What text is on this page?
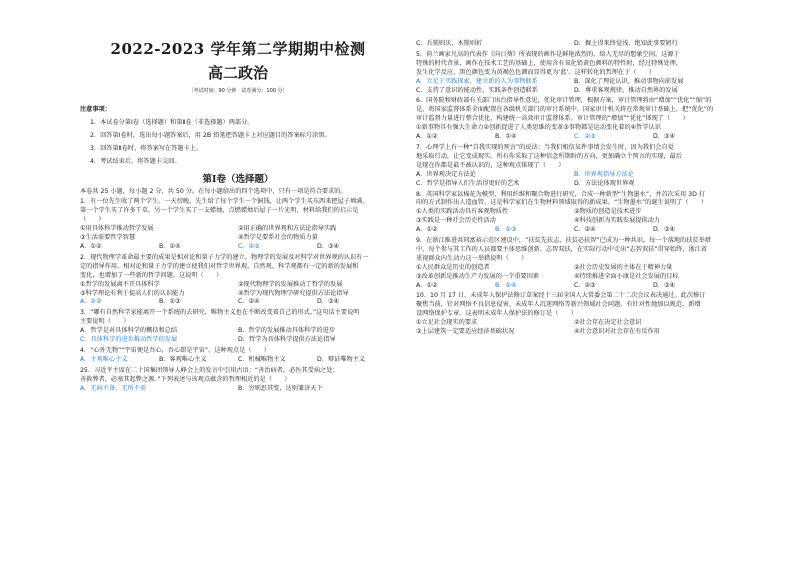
2022-2023 学年第二学期期中检测

高二政治

［考试时间：90 分钟　试卷满分：100 分］

注意事项：

1．本试卷分第Ⅰ卷（选择题）和第Ⅱ卷（非选择题）两部分。

2．回答第Ⅰ卷时，选出每小题答案后，用 2B 铅笔把答题卡上对应题目的答案标号涂黑。

3．回答第Ⅱ卷时，将答案写在答题卡上。

4．考试结束后，将答题卡交回。

第Ⅰ卷（选择题）

本卷共 25 小题，每小题 2 分，共 50 分。在每小题给出的四个选项中，只有一项是符合要求的。

1．有一位先生收了两个学生。一天傍晚，先生给了每个学生一个铜钱，让两个学生买东西来把屋子填满。

第一个学生买了许多干草，另一个学生买了一支蜡烛，点燃蜡烛后屋子一片光明，材料给我们的启示是

（　　）

①用具体科学推动哲学发展	②用正确的世界观和方法论指导实践
③生活需要哲学智慧	④哲学是要系社会的物质力量
A．①②	B．①④	C．②③	D．③④

2．现代物理学革命最主要的成果是相对论和量子力学的建立。物理学的发展及对科学对世界观的认识有一

定的指导作用。相对论和量子力学的建立使我们对哲学世界观、自然观、科学观都有一定的新的发展和

变化，也增加了一些新的哲学问题。这说明（　　）

①哲学的发展离不开具体科学	②现代物理学的发展推动了哲学的发展
③科学理论有利于提高人们的认识能力	④哲学为现代物理学研究提供方法论指导
A．①②	B．①③	C．②④	D．③④

3．“哪有自然科学家能离开一个系统的去研究，唯物主义也在不断改变着自己的形式。”这句话主要说明

主要说明（　　）

A．哲学是对具体科学的概括和总结	B．哲学的发展推动具体科学的进步
C．具体科学的进步推动哲学的发展	D．哲学为具体科学提供方法论指导

4．“心外无物”“宇宙便是吾心，吾心即是宇宙”，这种观点是（　　）

A．主观唯心主义	B．客观唯心主义	C．机械唯物主义	D．辩证唯物主义

25．习近平主席在二十国集团领导人峰会上的发言中引用古语：“善治病者，必医其受病之处；

善救弊者，必塞其起弊之源。”下列表述与该观点蕴含的哲理相近的是（　　）

A．无病不备，无所不需	B．穷则思其变，达则兼济天下
C．兵锁则厌，木锁则折	D．掘上得来终觉浅，绝知此事要躬行

5．荷兰画家凡高的代表作《向日葵》所表现的画作是鲜艳浓烈的，给人无尽的想象空间。这源于

特殊的时代背景，画作在技术工艺的基础上，使用含有氧化铅黄色颜料的特性时，经过特殊处理，

发生化学反应，黑色颜色变为黄褐色色调而显得更为‘蓝’。这样转化的哲理在于（　　）

A．立足于实践探索，建立新的人为事物联系	B．深化了理论认识，推动事物向前发展
C．支持了意识的能动性，实践条件创造联系	D．尊重客观规律，推动自然界的发展

6．国务院和财政部有关部门出台指导性意见，优化审计管理，根据方案，审计管理将由“增加”“优化”“缩”的

是，将国家监督体系全面配置在各级机关部门的审计系统中，国家审计机关将在常规审计基础上，把“优化”的

审计监督力量进行整合优化，构建统一高效审计监督体系。审计管理的“增加”“优化”体现了（　　）

①新事物具有强大生命力②创新促进了人类思维的变革③事物都是运动变化着的④哲学认识
A．①②	B．①④	C．②③	D．③④

7．心理学上有一种“自我实现的预言”的说法：当我们相信某件事情会发生时，因为我们会自觉

地采取行动，让它变成现实。所有你采取了这种信念所期盼的方向，更加确立个预言的实现，最后

是现在你都是最不被认识的，这种观点体现了（　　）

A．世界观决定方法论	B．世界观指导方法论
C．哲学是指导人们生活得更好的艺术	D．方法论体现世界观

8．英国科学家以棉花为模型，利用纤维和聚合物进行研究，合成一种新型“生物墨水”，并首次采用 3D 打

印的方式制作出人造血管。这是科学家们在生物材料领域取得的新成果。“生物墨水”的诞生说明了（　　）

①人类的实践活动具有客观物质性	②物质的创造是技术进步
③实践是一种社会历史性活动	④科技创新为实践发展提供动力
A．①②	B．①③	C．②④	D．③④

9．在浙江推进共同富裕示范区建设中，“扶贫先扶志，扶贫必扶智”已成为一种共识。每一个落地的扶贫举措

中，每个参与其工作的人员都要主体思维创新。志智双扶，在实际行动中走出“志智双扶”贯穿始终，浙江省

重视群众内生动力这一举措说明（　　）

①人民群众是历史的创造者	②社会历史发展的主体在于精神力量
③改革创新是推动生产力发展的一个重要因素	④持续推进全面小康是社会发展的目标
A．①②	B．①④	C．②③	D．③④

10．10 月 17 日，未成年人保护法修订草案经十三届全国人大常委会第二十二次会议表决通过。此次修订

聚焦当前，针对网络不良信息侵害、未成年人沉迷网络等新兴领域社会问题，有针对性地加以规范，新增

设网络保护专章。这表明未成年人保护法的修订是（　　）

①立足社会现实的要求	②社会存在决定社会意识
③上层建筑一定要适应经济基础状况	④社会意识对社会存在有反作用
